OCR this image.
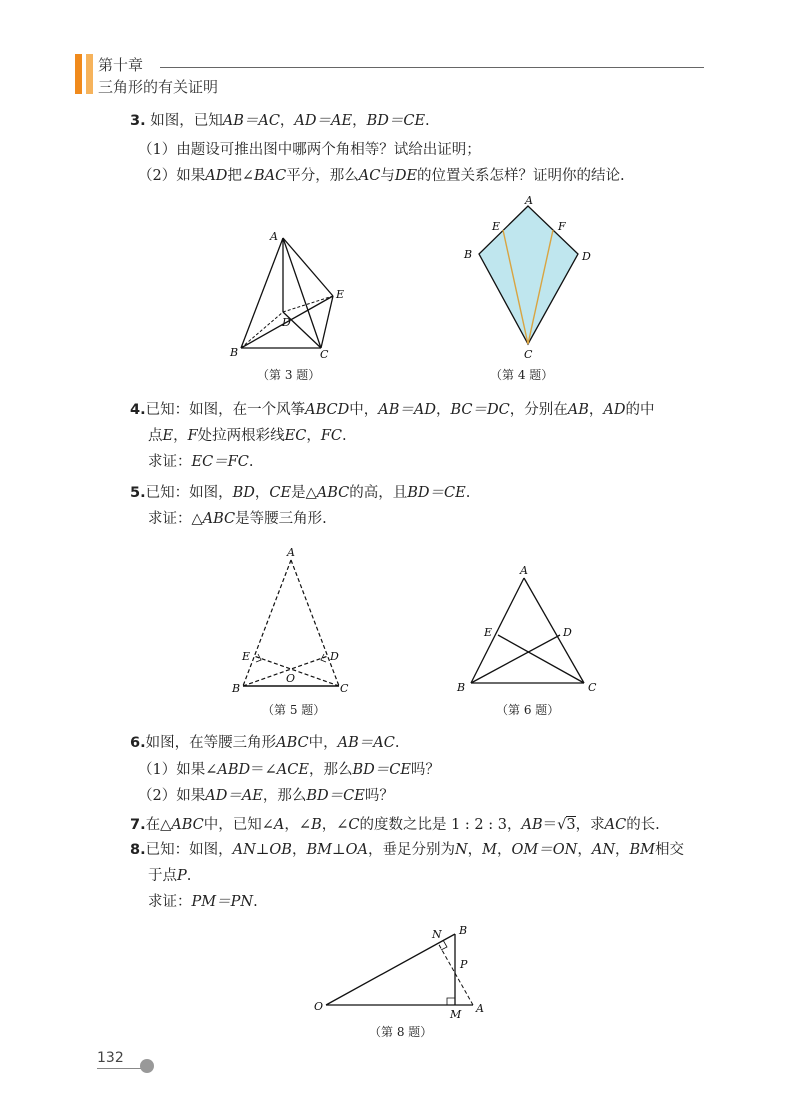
第十章
三角形的有关证明
3. 如图，已知AB＝AC，AD＝AE，BD＝CE.
（1）由题设可推出图中哪两个角相等？试给出证明；
（2）如果AD把∠BAC平分，那么AC与DE的位置关系怎样？证明你的结论.
A
B	C
D
E
（第 3 题）
A
B
C
D
E	F
（第 4 题）
4.已知：如图，在一个风筝ABCD中，AB＝AD，BC＝DC，分别在AB，AD的中
点E，F处拉两根彩线EC，FC.
求证：EC＝FC.
5.已知：如图，BD，CE是△ABC的高，且BD＝CE.
求证：△ABC是等腰三角形.
A
B	C
D
E
O
（第 5 题）
A
B	C
D
E
（第 6 题）
6.如图，在等腰三角形ABC中，AB＝AC.
（1）如果∠ABD＝∠ACE，那么BD＝CE吗？
（2）如果AD＝AE，那么BD＝CE吗？
7.在△ABC中，已知∠A，∠B，∠C的度数之比是 1 : 2 : 3，AB＝√3，求AC的长.
8.已知：如图，AN⊥OB，BM⊥OA，垂足分别为N，M，OM＝ON，AN，BM相交
于点P.
求证：PM＝PN.
O
N B
P
M A
（第 8 题）
132
